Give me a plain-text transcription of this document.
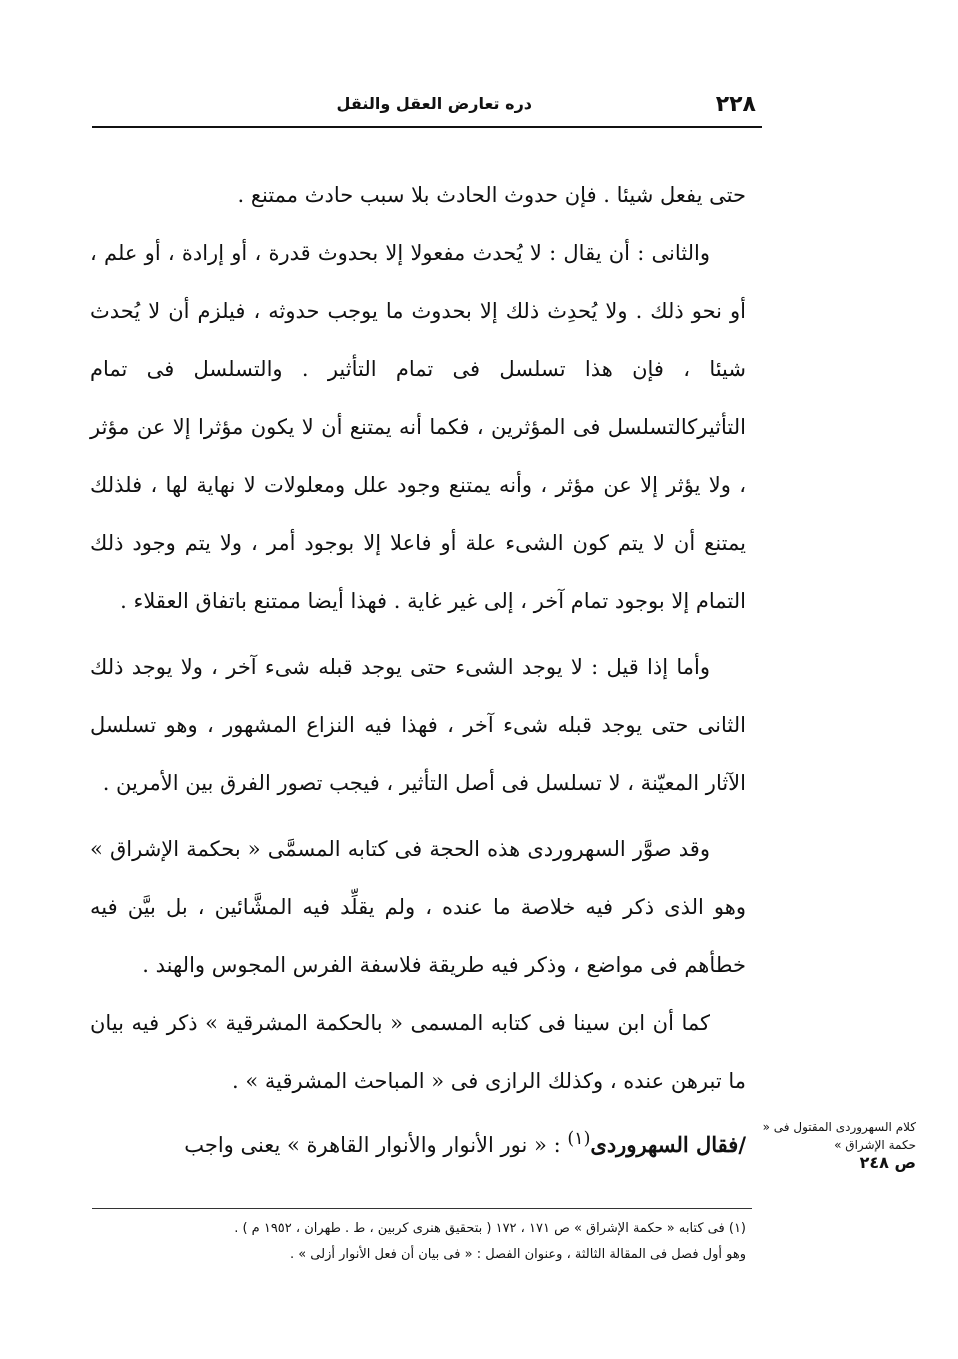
٢٢٨
دره تعارض العقل والنقل

حتى يفعل شيئا . فإن حدوث الحادث بلا سبب حادث ممتنع .

والثانى : أن يقال : لا يُحدث مفعولا إلا بحدوث قدرة ، أو إرادة ، أو علم ، أو نحو ذلك . ولا يُحدِث ذلك إلا بحدوث ما يوجب حدوثه ، فيلزم أن لا يُحدث شيئا ، فإن هذا تسلسل فى تمام التأثير . والتسلسل فى تمام التأثيركالتسلسل فى المؤثرين ، فكما أنه يمتنع أن لا يكون مؤثرا إلا عن مؤثر ، ولا يؤثر إلا عن مؤثر ، وأنه يمتنع وجود علل ومعلولات لا نهاية لها ، فلذلك يمتنع أن لا يتم كون الشىء علة أو فاعلا إلا بوجود أمر ، ولا يتم وجود ذلك التمام إلا بوجود تمام آخر ، إلى غير غاية . فهذا أيضا ممتنع باتفاق العقلاء .

وأما إذا قيل : لا يوجد الشىء حتى يوجد قبله شىء آخر ، ولا يوجد ذلك الثانى حتى يوجد قبله شىء آخر ، فهذا فيه النزاع المشهور ، وهو تسلسل الآثار المعيّنة ، لا تسلسل فى أصل التأثير ، فيجب تصور الفرق بين الأمرين .

وقد صوَّر السهروردى هذه الحجة فى كتابه المسمَّى « بحكمة الإشراق » وهو الذى ذكر فيه خلاصة ما عنده ، ولم يقلِّد فيه المشَّائين ، بل بيَّن فيه خطأهم فى مواضع ، وذكر فيه طريقة فلاسفة الفرس المجوس والهند .

كما أن ابن سينا فى كتابه المسمى « بالحكمة المشرقية » ذكر فيه بيان ما تبرهن عنده ، وكذلك الرازى فى « المباحث المشرقية » .

/فقال السهروردى$^{(١)}$ : « نور الأنوار والأنوار القاهرة » يعنى واجب

كلام السهروردى المقتول فى « حكمة الإشراق »
ص ٢٤٨

(١) فى كتابه « حكمة الإشراق » ص ١٧١ ، ١٧٢ ( بتحقيق هنرى كربين ، ط . طهران ، ١٩٥٢ م ) .

وهو أول فصل فى المقالة الثالثة ، وعنوان الفصل : « فى بيان أن فعل الأنوار أزلى » .
